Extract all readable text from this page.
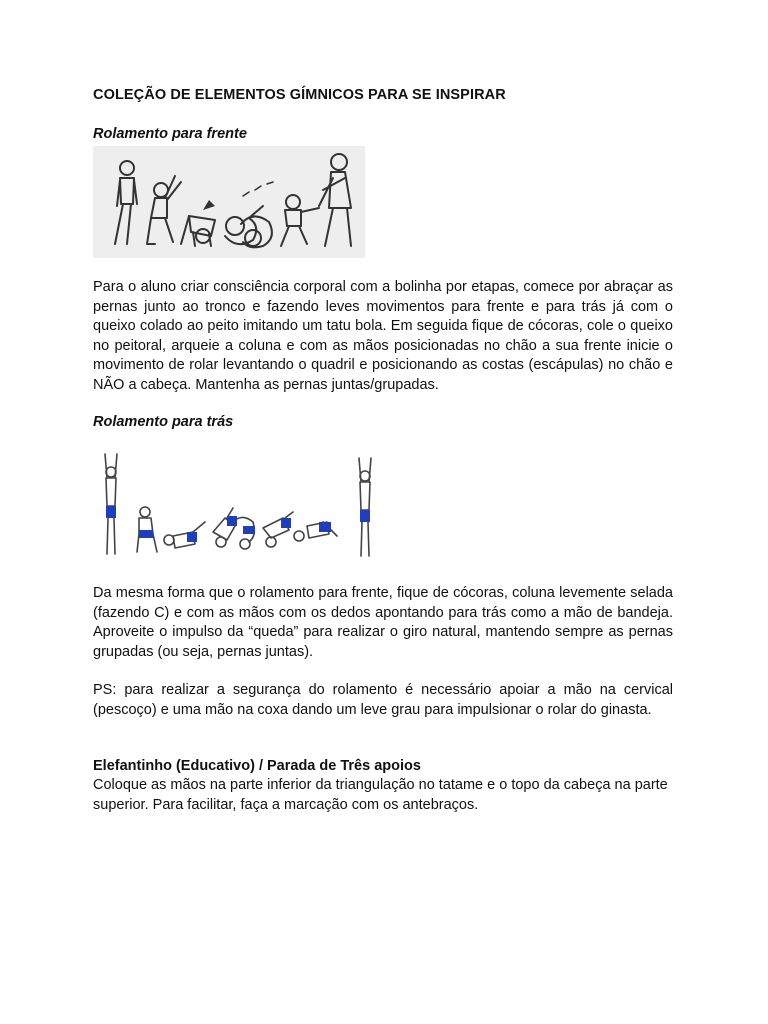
COLEÇÃO DE ELEMENTOS GÍMNICOS PARA SE INSPIRAR
Rolamento para frente

Para o aluno criar consciência corporal com a bolinha por etapas, comece por abraçar as pernas junto ao tronco e fazendo leves movimentos para frente e para trás já com o queixo colado ao peito imitando um tatu bola. Em seguida fique de cócoras, cole o queixo no peitoral, arqueie a coluna e com as mãos posicionadas no chão a sua frente inicie o movimento de rolar levantando o quadril e posicionando as costas (escápulas) no chão e NÃO a cabeça. Mantenha as pernas juntas/grupadas.

Rolamento para trás

Da mesma forma que o rolamento para frente, fique de cócoras, coluna levemente selada (fazendo C) e com as mãos com os dedos apontando para trás como a mão de bandeja. Aproveite o impulso da “queda” para realizar o giro natural, mantendo sempre as pernas grupadas (ou seja, pernas juntas).

PS: para realizar a segurança do rolamento é necessário apoiar a mão na cervical (pescoço) e uma mão na coxa dando um leve grau para impulsionar o rolar do ginasta.

Elefantinho (Educativo) / Parada de Três apoios

Coloque as mãos na parte inferior da triangulação no tatame e o topo da cabeça na parte superior. Para facilitar, faça a marcação com os antebraços.
